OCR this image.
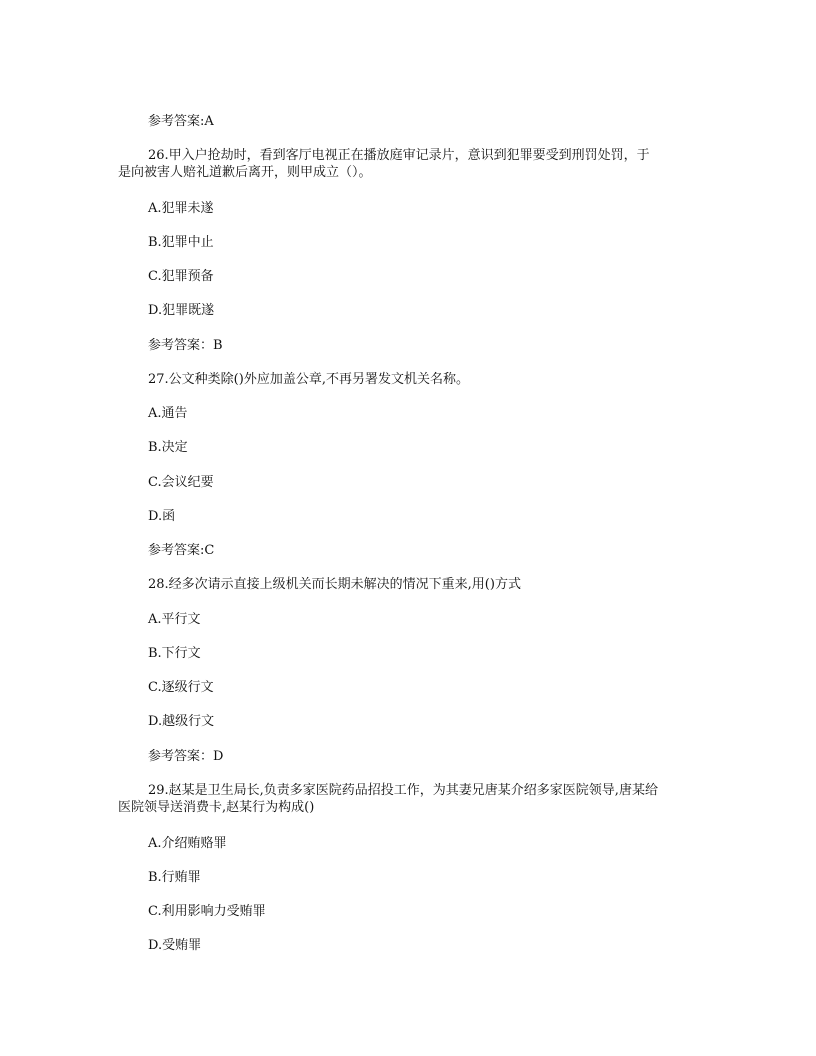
参考答案:A
26.甲入户抢劫时，看到客厅电视正在播放庭审记录片，意识到犯罪要受到刑罚处罚，于
是向被害人赔礼道歉后离开，则甲成立（）。
A.犯罪未遂
B.犯罪中止
C.犯罪预备
D.犯罪既遂
参考答案：B
27.公文种类除()外应加盖公章,不再另署发文机关名称。
A.通告
B.决定
C.会议纪要
D.函
参考答案:C
28.经多次请示直接上级机关而长期未解决的情况下重来,用()方式
A.平行文
B.下行文
C.逐级行文
D.越级行文
参考答案：D
29.赵某是卫生局长,负责多家医院药品招投工作，为其妻兄唐某介绍多家医院领导,唐某给
医院领导送消费卡,赵某行为构成()
A.介绍贿赂罪
B.行贿罪
C.利用影响力受贿罪
D.受贿罪
